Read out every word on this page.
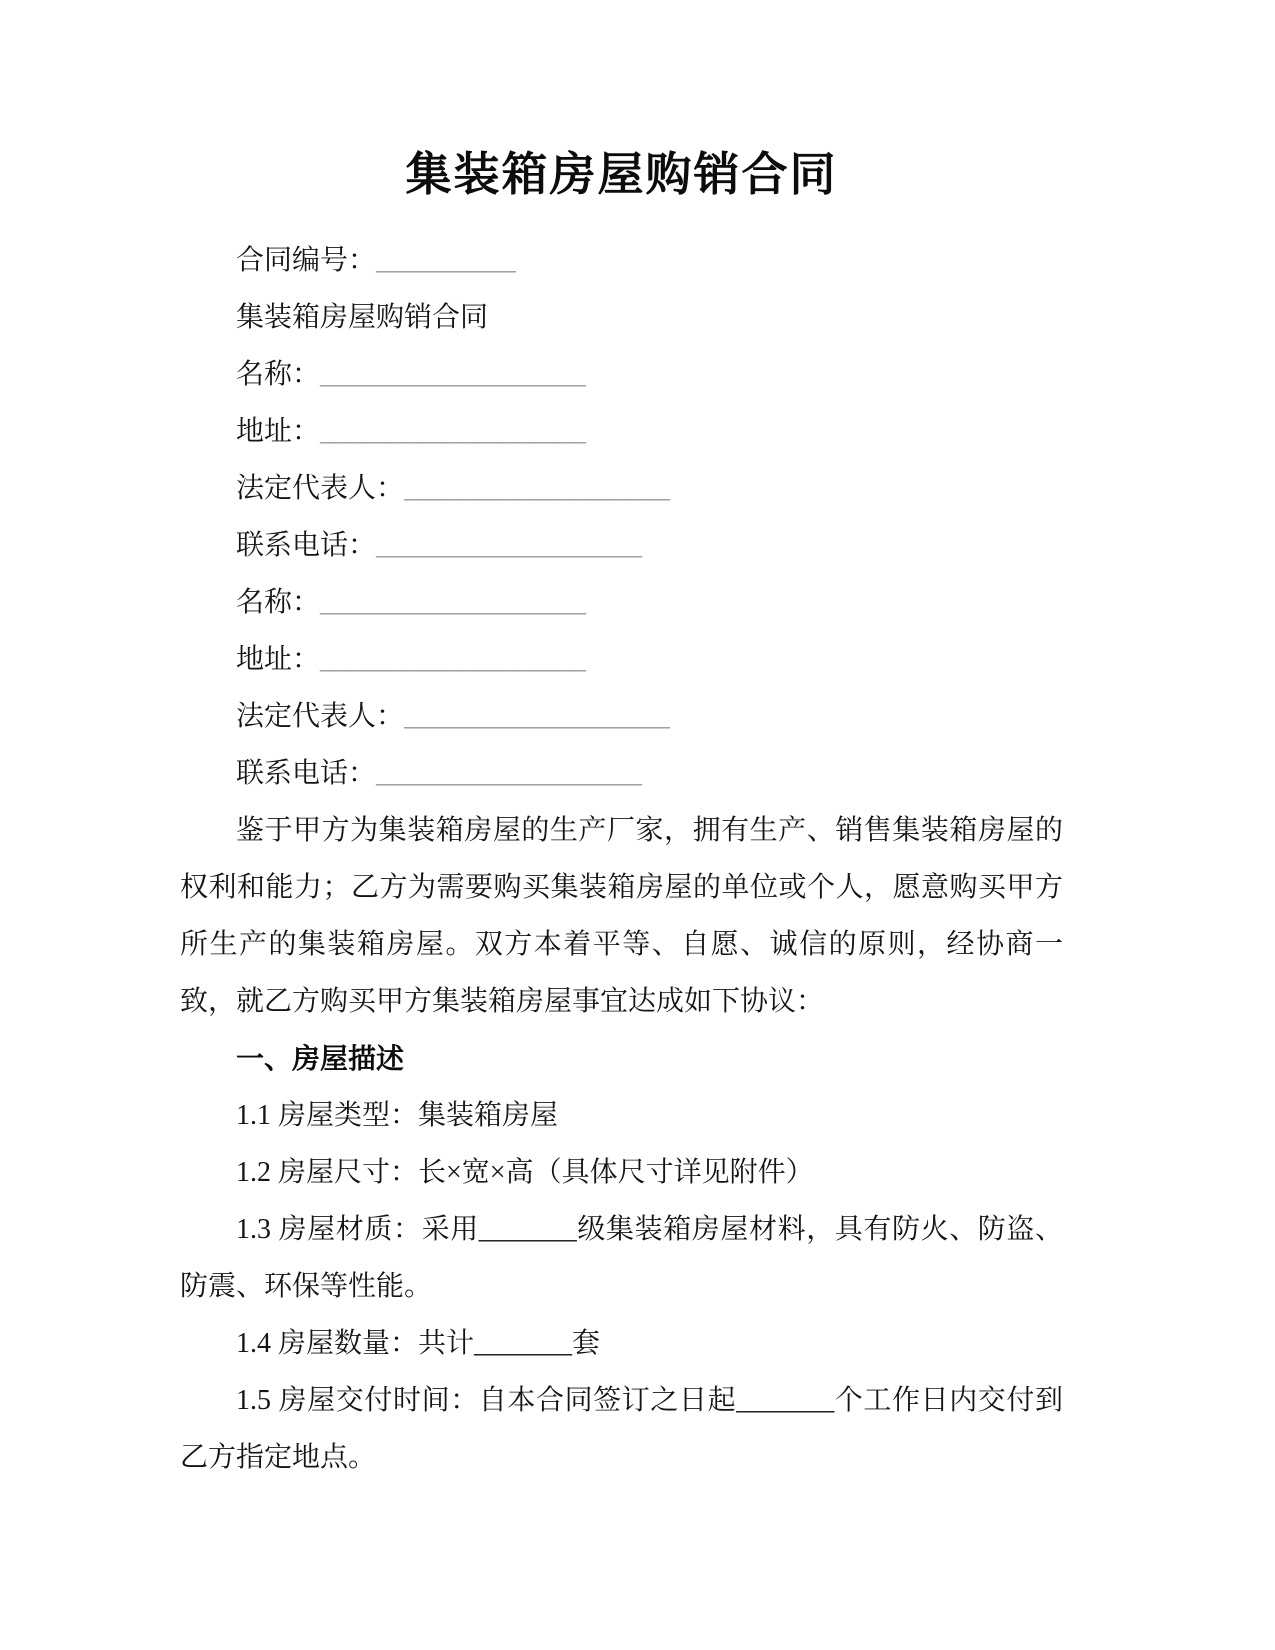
集装箱房屋购销合同

合同编号：__________

集装箱房屋购销合同

名称：___________________

地址：___________________

法定代表人：___________________

联系电话：___________________

名称：___________________

地址：___________________

法定代表人：___________________

联系电话：___________________

鉴于甲方为集装箱房屋的生产厂家，拥有生产、销售集装箱房屋的权利和能力；乙方为需要购买集装箱房屋的单位或个人，愿意购买甲方所生产的集装箱房屋。双方本着平等、自愿、诚信的原则，经协商一致，就乙方购买甲方集装箱房屋事宜达成如下协议：

一、房屋描述

1.1 房屋类型：集装箱房屋

1.2 房屋尺寸：长×宽×高（具体尺寸详见附件）

1.3 房屋材质：采用_______级集装箱房屋材料，具有防火、防盗、防震、环保等性能。

1.4 房屋数量：共计_______套

1.5 房屋交付时间：自本合同签订之日起_______个工作日内交付到乙方指定地点。
